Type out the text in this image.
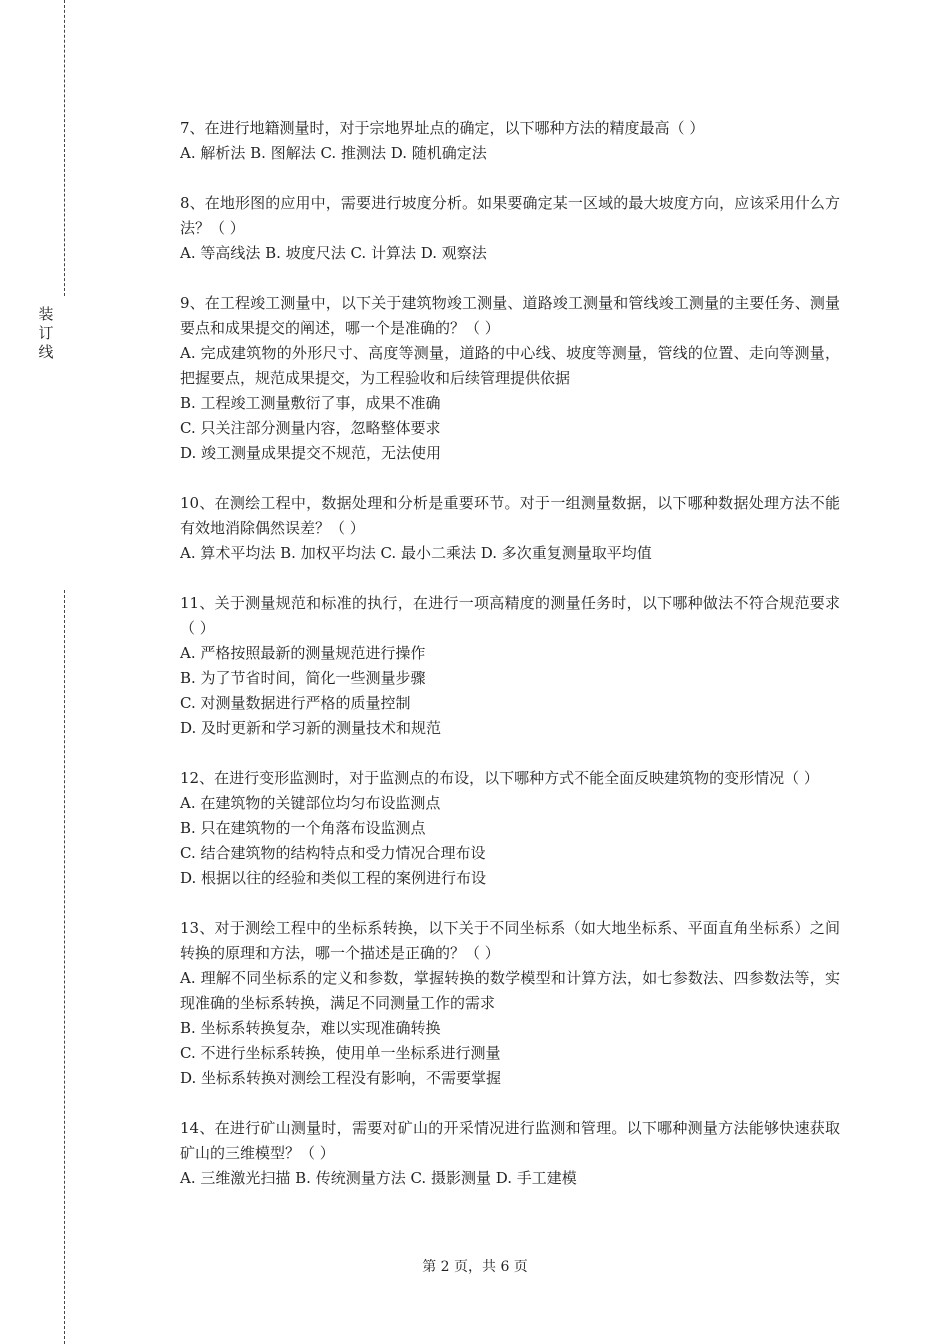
装
订
线

7、在进行地籍测量时，对于宗地界址点的确定，以下哪种方法的精度最高（ ）

A. 解析法 B. 图解法 C. 推测法 D. 随机确定法

8、在地形图的应用中，需要进行坡度分析。如果要确定某一区域的最大坡度方向，应该采用什么方法？（ ）

A. 等高线法 B. 坡度尺法 C. 计算法 D. 观察法

9、在工程竣工测量中，以下关于建筑物竣工测量、道路竣工测量和管线竣工测量的主要任务、测量要点和成果提交的阐述，哪一个是准确的？（ ）

A. 完成建筑物的外形尺寸、高度等测量，道路的中心线、坡度等测量，管线的位置、走向等测量，把握要点，规范成果提交，为工程验收和后续管理提供依据

B. 工程竣工测量敷衍了事，成果不准确

C. 只关注部分测量内容，忽略整体要求

D. 竣工测量成果提交不规范，无法使用

10、在测绘工程中，数据处理和分析是重要环节。对于一组测量数据，以下哪种数据处理方法不能有效地消除偶然误差？（ ）

A. 算术平均法 B. 加权平均法 C. 最小二乘法 D. 多次重复测量取平均值

11、关于测量规范和标准的执行，在进行一项高精度的测量任务时，以下哪种做法不符合规范要求（ ）

A. 严格按照最新的测量规范进行操作

B. 为了节省时间，简化一些测量步骤

C. 对测量数据进行严格的质量控制

D. 及时更新和学习新的测量技术和规范

12、在进行变形监测时，对于监测点的布设，以下哪种方式不能全面反映建筑物的变形情况（ ）

A. 在建筑物的关键部位均匀布设监测点

B. 只在建筑物的一个角落布设监测点

C. 结合建筑物的结构特点和受力情况合理布设

D. 根据以往的经验和类似工程的案例进行布设

13、对于测绘工程中的坐标系转换，以下关于不同坐标系（如大地坐标系、平面直角坐标系）之间转换的原理和方法，哪一个描述是正确的？（ ）

A. 理解不同坐标系的定义和参数，掌握转换的数学模型和计算方法，如七参数法、四参数法等，实现准确的坐标系转换，满足不同测量工作的需求

B. 坐标系转换复杂，难以实现准确转换

C. 不进行坐标系转换，使用单一坐标系进行测量

D. 坐标系转换对测绘工程没有影响，不需要掌握

14、在进行矿山测量时，需要对矿山的开采情况进行监测和管理。以下哪种测量方法能够快速获取矿山的三维模型？（ ）

A. 三维激光扫描 B. 传统测量方法 C. 摄影测量 D. 手工建模

第 2 页，共 6 页
